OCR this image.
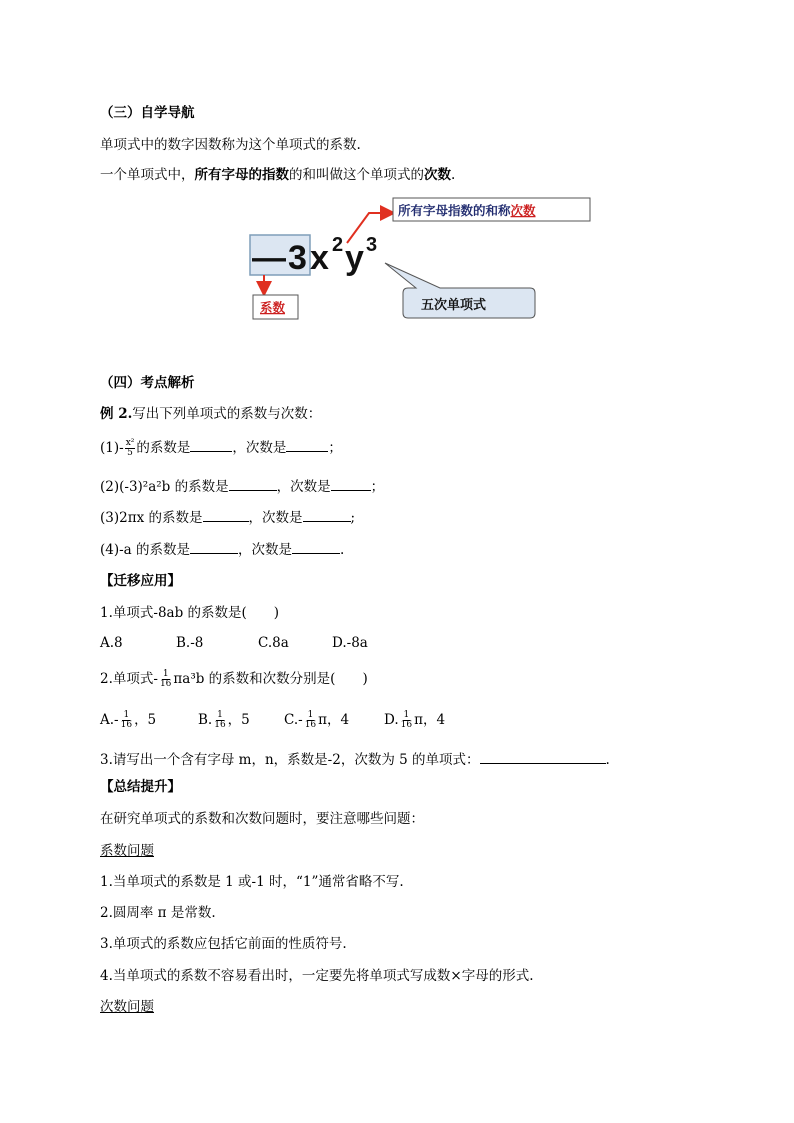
（三）自学导航
单项式中的数字因数称为这个单项式的系数.
一个单项式中，所有字母的指数的和叫做这个单项式的次数.
— 3 x 2 y 3
所有字母指数的和称次数
系数	五次单项式
（四）考点解析
例 2.写出下列单项式的系数与次数：
$(1)- \frac{\text{x²}}{5}$ 的系数是	，次数是	；
(2)(-3)²a²b 的系数是	，次数是	；
(3)2πx 的系数是	，次数是	;
(4)-a 的系数是	，次数是	.
【迁移应用】
1.单项式-8ab 的系数是(　　)
A.8	B.-8	C.8a	D.-8a
2.单项式- $\frac{1}{16} \pi a^3b$ 的系数和次数分别是(　　)
$A.- \frac{1}{16}$ ，5	B. $\frac{1}{16}$ ，5	$C.- \frac{1}{16}$ π，4	D. $\frac{1}{16}$ π，4
3.请写出一个含有字母 m，n，系数是-2，次数为 5 的单项式：	.
【总结提升】
在研究单项式的系数和次数问题时，要注意哪些问题：
系数问题
1.当单项式的系数是 1 或-1 时，“1”通常省略不写.
2.圆周率 π 是常数.
3.单项式的系数应包括它前面的性质符号.
4.当单项式的系数不容易看出时，一定要先将单项式写成数×字母的形式.
次数问题
